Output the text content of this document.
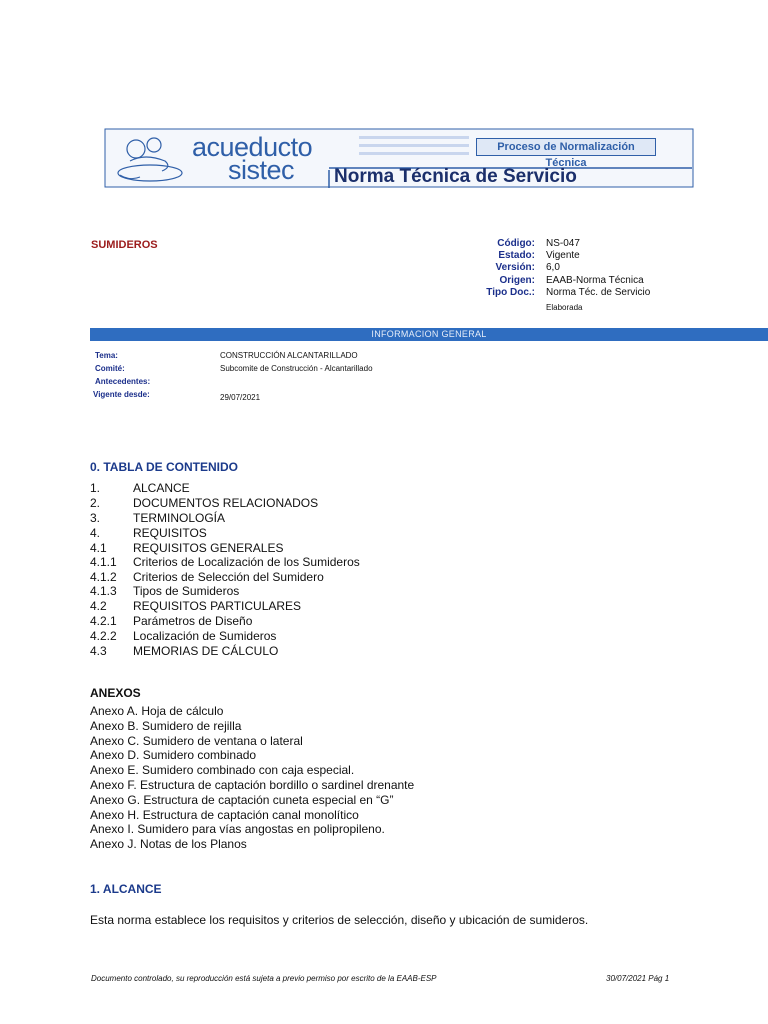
acueducto
sistec
Proceso de Normalización Técnica
Norma Técnica de Servicio
SUMIDEROS	Código: NS-047
Estado: Vigente
Versión: 6,0
Origen: EAAB-Norma Técnica
Tipo Doc.: Norma Téc. de Servicio
Elaborada
INFORMACION GENERAL
Tema:	CONSTRUCCIÓN ALCANTARILLADO
Comité:	Subcomite de Construcción - Alcantarillado
Antecedentes:
Vigente desde:	29/07/2021
0. TABLA DE CONTENIDO
1.	ALCANCE
2.	DOCUMENTOS RELACIONADOS
3.	TERMINOLOGÍA
4.	REQUISITOS
4.1 REQUISITOS GENERALES
4.1.1 Criterios de Localización de los Sumideros
4.1.2 Criterios de Selección del Sumidero
4.1.3 Tipos de Sumideros
4.2 REQUISITOS PARTICULARES
4.2.1 Parámetros de Diseño
4.2.2 Localización de Sumideros
4.3 MEMORIAS DE CÁLCULO
ANEXOS
Anexo A. Hoja de cálculo
Anexo B. Sumidero de rejilla
Anexo C. Sumidero de ventana o lateral
Anexo D. Sumidero combinado
Anexo E. Sumidero combinado con caja especial.
Anexo F. Estructura de captación bordillo o sardinel drenante
Anexo G. Estructura de captación cuneta especial en “G”
Anexo H. Estructura de captación canal monolítico
Anexo I. Sumidero para vías angostas en polipropileno.
Anexo J. Notas de los Planos
1. ALCANCE
Esta norma establece los requisitos y criterios de selección, diseño y ubicación de sumideros.
Documento controlado, su reproducción está sujeta a previo permiso por escrito de la EAAB-ESP	30/07/2021 Pág 1
